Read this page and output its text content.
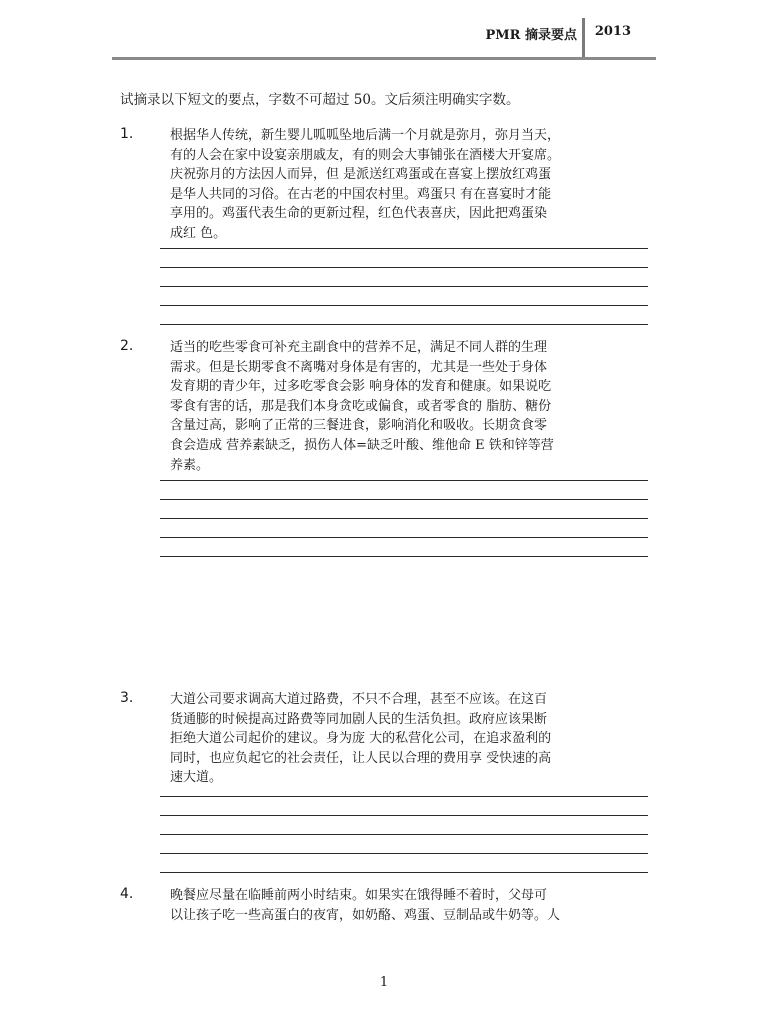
PMR 摘录要点 2013
试摘录以下短文的要点，字数不可超过 50。文后须注明确实字数。
1.	根据华人传统，新生婴儿呱呱坠地后满一个月就是弥月，弥月当天，
有的人会在家中设宴亲朋戚友，有的则会大事铺张在酒楼大开宴席。
庆祝弥月的方法因人而异，但 是派送红鸡蛋或在喜宴上摆放红鸡蛋
是华人共同的习俗。在古老的中国农村里。鸡蛋只 有在喜宴时才能
享用的。鸡蛋代表生命的更新过程，红色代表喜庆，因此把鸡蛋染
成红 色。
2.	适当的吃些零食可补充主副食中的营养不足，满足不同人群的生理
需求。但是长期零食不离嘴对身体是有害的，尤其是一些处于身体
发育期的青少年，过多吃零食会影 响身体的发育和健康。如果说吃
零食有害的话，那是我们本身贪吃或偏食，或者零食的 脂肪、糖份
含量过高，影响了正常的三餐进食，影响消化和吸收。长期贪食零
食会造成 营养素缺乏，损伤人体=缺乏叶酸、维他命 E 铁和锌等营
养素。
3.	大道公司要求调高大道过路费，不只不合理，甚至不应该。在这百
货通膨的时候提高过路费等同加剧人民的生活负担。政府应该果断
拒绝大道公司起价的建议。身为庞 大的私营化公司，在追求盈利的
同时，也应负起它的社会责任，让人民以合理的费用享 受快速的高
速大道。
4.	晚餐应尽量在临睡前两小时结束。如果实在饿得睡不着时，父母可
以让孩子吃一些高蛋白的夜宵，如奶酪、鸡蛋、豆制品或牛奶等。人
1
